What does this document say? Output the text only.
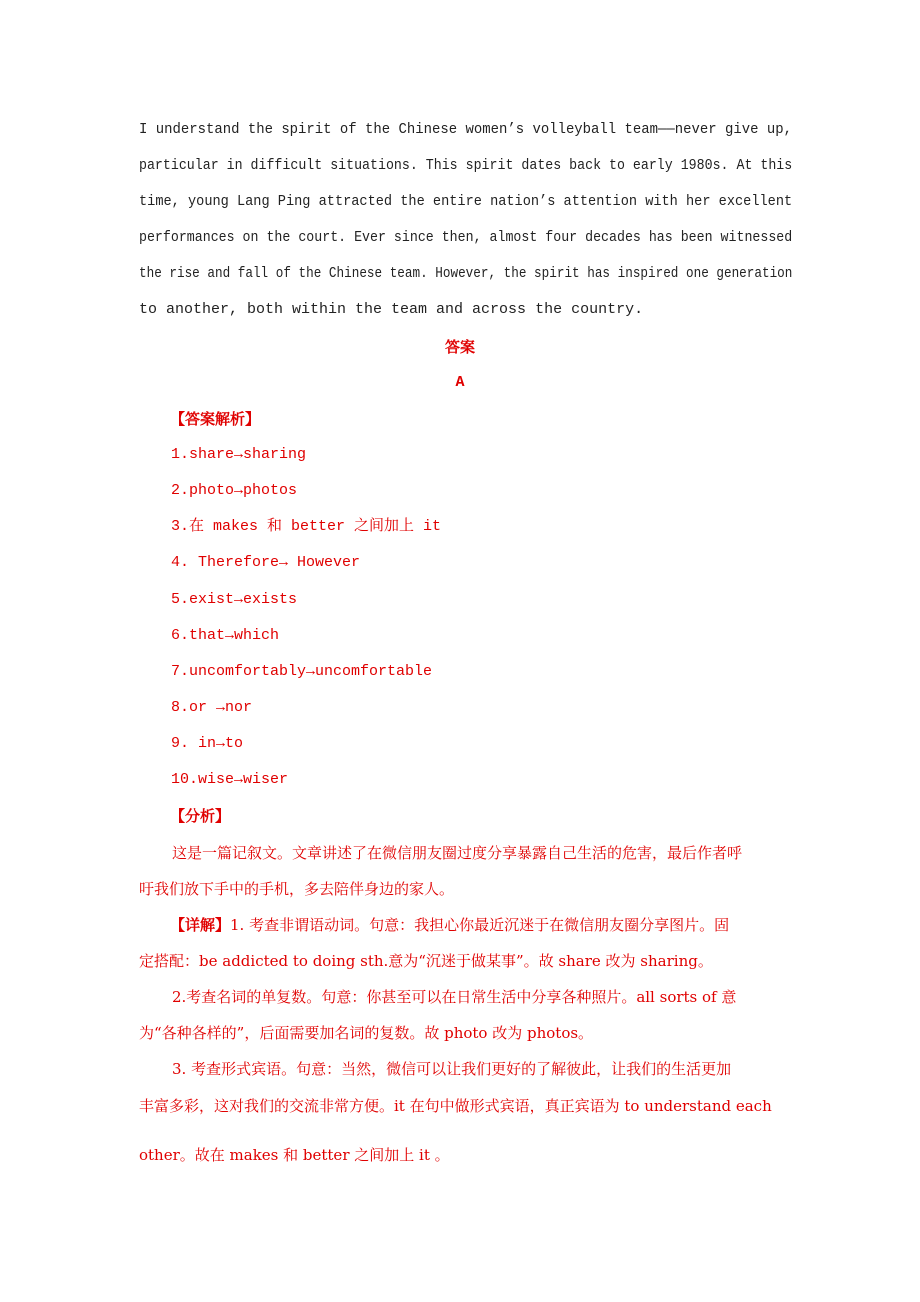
I understand the spirit of the Chinese women’s volleyball team——never give up,
particular in difficult situations. This spirit dates back to early 1980s. At this
time, young Lang Ping attracted the entire nation’s attention with her excellent
performances on the court. Ever since then, almost four decades has been witnessed
the rise and fall of the Chinese team. However, the spirit has inspired one generation
to another, both within the team and across the country.
答案
A
【答案解析】
1.share→sharing
2.photo→photos
3.在 makes 和 better 之间加上 it
4. Therefore→ However
5.exist→exists
6.that→which
7.uncomfortably→uncomfortable
8.or →nor
9. in→to
10.wise→wiser
【分析】
这是一篇记叙文。文章讲述了在微信朋友圈过度分享暴露自己生活的危害，最后作者呼
吁我们放下手中的手机，多去陪伴身边的家人。
【详解】1. 考查非谓语动词。句意：我担心你最近沉迷于在微信朋友圈分享图片。固
定搭配：be addicted to doing sth.意为“沉迷于做某事”。故 share 改为 sharing。
2.考查名词的单复数。句意：你甚至可以在日常生活中分享各种照片。all sorts of 意
为“各种各样的”，后面需要加名词的复数。故 photo 改为 photos。
3. 考查形式宾语。句意：当然，微信可以让我们更好的了解彼此，让我们的生活更加
丰富多彩，这对我们的交流非常方便。it 在句中做形式宾语，真正宾语为 to understand each
other。故在 makes 和 better 之间加上 it 。
